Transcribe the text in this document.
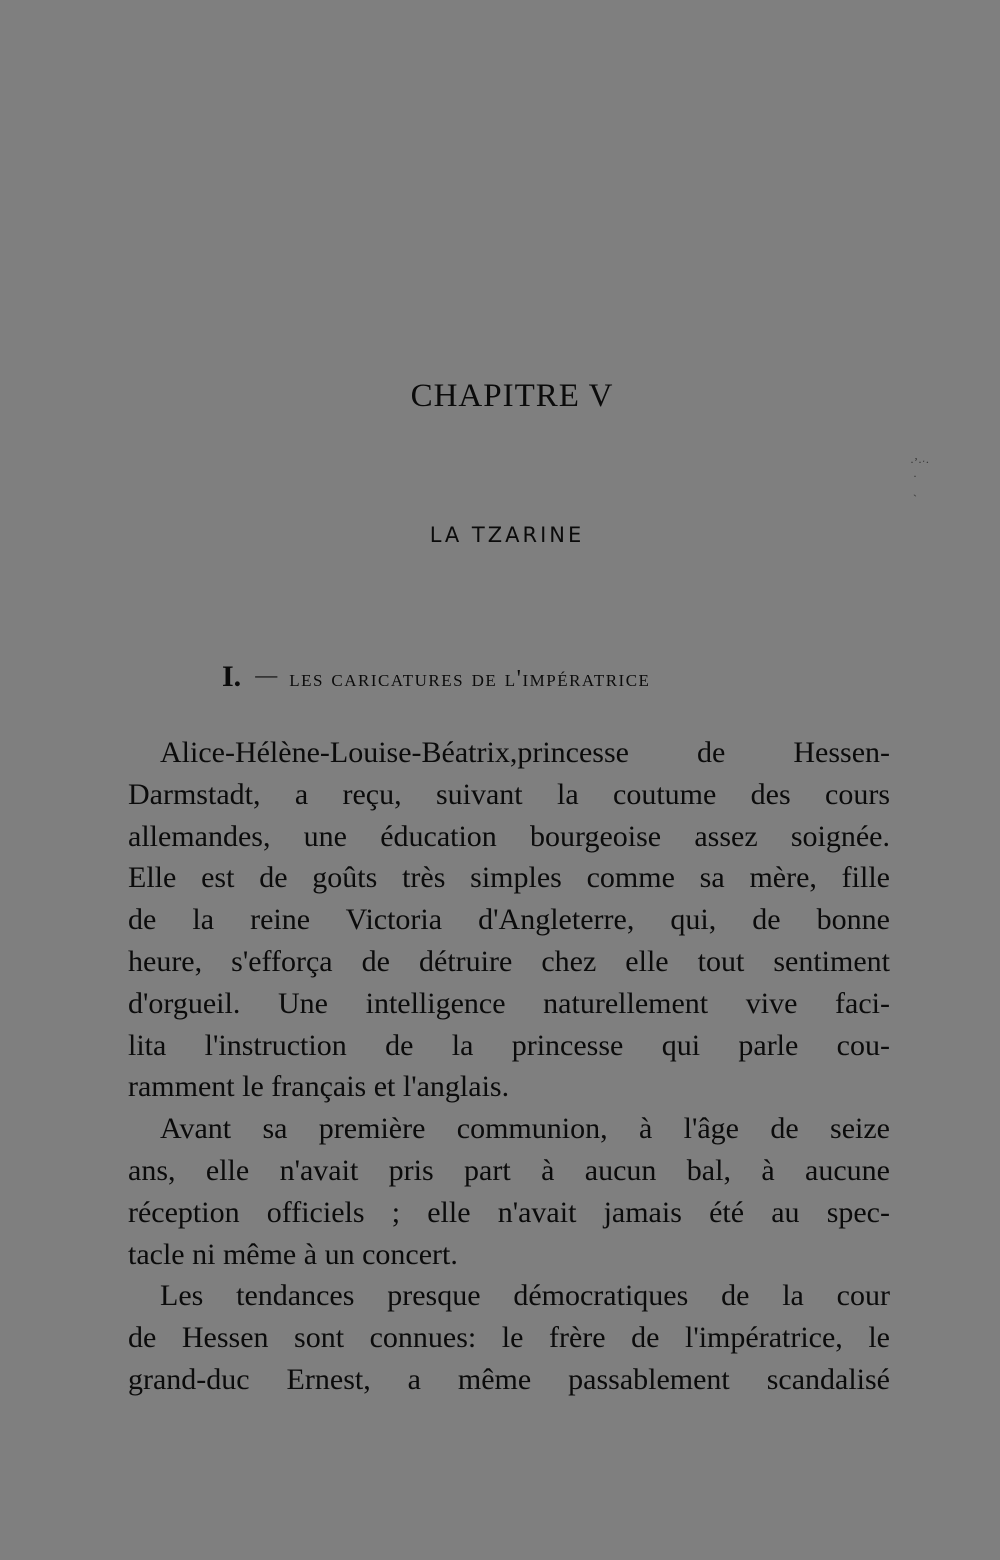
CHAPITRE V
LA TZARINE
I. — les caricatures de l'impératrice
Alice-Hélène-Louise-Béatrix,princesse de Hessen-
Darmstadt, a reçu, suivant la coutume des cours
allemandes, une éducation bourgeoise assez soignée.
Elle est de goûts très simples comme sa mère, fille
de la reine Victoria d'Angleterre, qui, de bonne
heure, s'efforça de détruire chez elle tout sentiment
d'orgueil. Une intelligence naturellement vive faci-
lita l'instruction de la princesse qui parle cou-
ramment le français et l'anglais.
Avant sa première communion, à l'âge de seize
ans, elle n'avait pris part à aucun bal, à aucune
réception officiels ; elle n'avait jamais été au spec-
tacle ni même à un concert.
Les tendances presque démocratiques de la cour
de Hessen sont connues: le frère de l'impératrice, le
grand-duc Ernest, a même passablement scandalisé
·ʼ·ˑ·
·
ˎ
